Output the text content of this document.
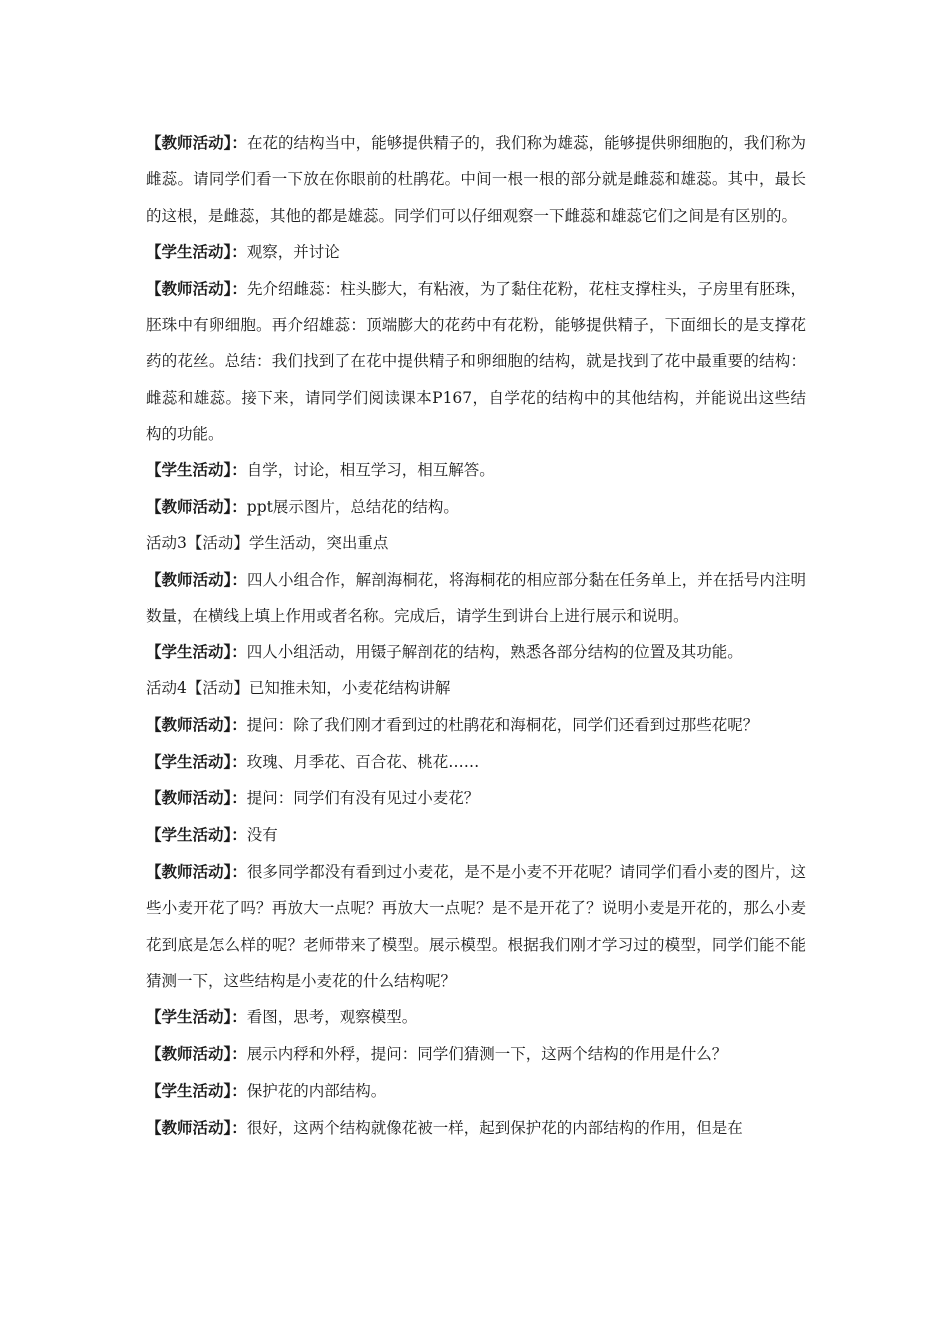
【教师活动】：在花的结构当中，能够提供精子的，我们称为雄蕊，能够提供卵细胞的，我们称为雌蕊。请同学们看一下放在你眼前的杜鹃花。中间一根一根的部分就是雌蕊和雄蕊。其中，最长的这根，是雌蕊，其他的都是雄蕊。同学们可以仔细观察一下雌蕊和雄蕊它们之间是有区别的。

【学生活动】：观察，并讨论

【教师活动】：先介绍雌蕊：柱头膨大，有粘液，为了黏住花粉，花柱支撑柱头，子房里有胚珠，胚珠中有卵细胞。再介绍雄蕊：顶端膨大的花药中有花粉，能够提供精子，下面细长的是支撑花药的花丝。总结：我们找到了在花中提供精子和卵细胞的结构，就是找到了花中最重要的结构：雌蕊和雄蕊。接下来，请同学们阅读课本P167，自学花的结构中的其他结构，并能说出这些结构的功能。

【学生活动】：自学，讨论，相互学习，相互解答。

【教师活动】：ppt展示图片，总结花的结构。

活动3【活动】学生活动，突出重点

【教师活动】：四人小组合作，解剖海桐花，将海桐花的相应部分黏在任务单上，并在括号内注明数量，在横线上填上作用或者名称。完成后，请学生到讲台上进行展示和说明。

【学生活动】：四人小组活动，用镊子解剖花的结构，熟悉各部分结构的位置及其功能。

活动4【活动】已知推未知，小麦花结构讲解

【教师活动】：提问：除了我们刚才看到过的杜鹃花和海桐花，同学们还看到过那些花呢？

【学生活动】：玫瑰、月季花、百合花、桃花……

【教师活动】：提问：同学们有没有见过小麦花？

【学生活动】：没有

【教师活动】：很多同学都没有看到过小麦花，是不是小麦不开花呢？请同学们看小麦的图片，这些小麦开花了吗？再放大一点呢？再放大一点呢？是不是开花了？说明小麦是开花的，那么小麦花到底是怎么样的呢？老师带来了模型。展示模型。根据我们刚才学习过的模型，同学们能不能猜测一下，这些结构是小麦花的什么结构呢？

【学生活动】：看图，思考，观察模型。

【教师活动】：展示内稃和外稃，提问：同学们猜测一下，这两个结构的作用是什么？

【学生活动】：保护花的内部结构。

【教师活动】：很好，这两个结构就像花被一样，起到保护花的内部结构的作用，但是在
